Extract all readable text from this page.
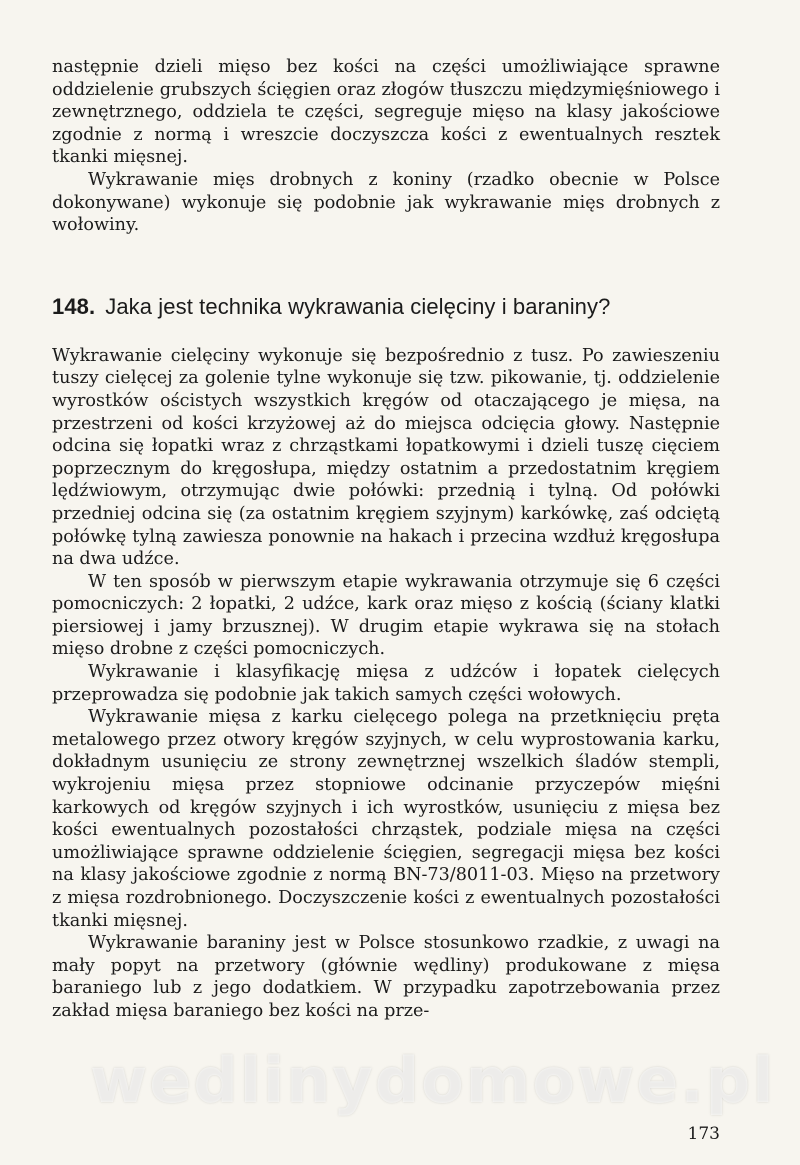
następnie dzieli mięso bez kości na części umożliwiające sprawne oddzielenie grubszych ścięgien oraz złogów tłuszczu międzymięśniowego i zewnętrznego, oddziela te części, segreguje mięso na klasy jakościowe zgodnie z normą i wreszcie doczyszcza kości z ewentualnych resztek tkanki mięsnej.

Wykrawanie mięs drobnych z koniny (rzadko obecnie w Polsce dokonywane) wykonuje się podobnie jak wykrawanie mięs drobnych z wołowiny.

148. Jaka jest technika wykrawania cielęciny i baraniny?

Wykrawanie cielęciny wykonuje się bezpośrednio z tusz. Po zawieszeniu tuszy cielęcej za golenie tylne wykonuje się tzw. pikowanie, tj. oddzielenie wyrostków ościstych wszystkich kręgów od otaczającego je mięsa, na przestrzeni od kości krzyżowej aż do miejsca odcięcia głowy. Następnie odcina się łopatki wraz z chrząstkami łopatkowymi i dzieli tuszę cięciem poprzecznym do kręgosłupa, między ostatnim a przedostatnim kręgiem lędźwiowym, otrzymując dwie połówki: przednią i tylną. Od połówki przedniej odcina się (za ostatnim kręgiem szyjnym) karkówkę, zaś odciętą połówkę tylną zawiesza ponownie na hakach i przecina wzdłuż kręgosłupa na dwa udźce.

W ten sposób w pierwszym etapie wykrawania otrzymuje się 6 części pomocniczych: 2 łopatki, 2 udźce, kark oraz mięso z kością (ściany klatki piersiowej i jamy brzusznej). W drugim etapie wykrawa się na stołach mięso drobne z części pomocniczych.

Wykrawanie i klasyfikację mięsa z udźców i łopatek cielęcych przeprowadza się podobnie jak takich samych części wołowych.

Wykrawanie mięsa z karku cielęcego polega na przetknięciu pręta metalowego przez otwory kręgów szyjnych, w celu wyprostowania karku, dokładnym usunięciu ze strony zewnętrznej wszelkich śladów stempli, wykrojeniu mięsa przez stopniowe odcinanie przyczepów mięśni karkowych od kręgów szyjnych i ich wyrostków, usunięciu z mięsa bez kości ewentualnych pozostałości chrząstek, podziale mięsa na części umożliwiające sprawne oddzielenie ścięgien, segregacji mięsa bez kości na klasy jakościowe zgodnie z normą BN-73/8011-03. Mięso na przetwory z mięsa rozdrobnionego. Doczyszczenie kości z ewentualnych pozostałości tkanki mięsnej.

Wykrawanie baraniny jest w Polsce stosunkowo rzadkie, z uwagi na mały popyt na przetwory (głównie wędliny) produkowane z mięsa baraniego lub z jego dodatkiem. W przypadku zapotrzebowania przez zakład mięsa baraniego bez kości na prze-

wedlinydomowe.pl
173
